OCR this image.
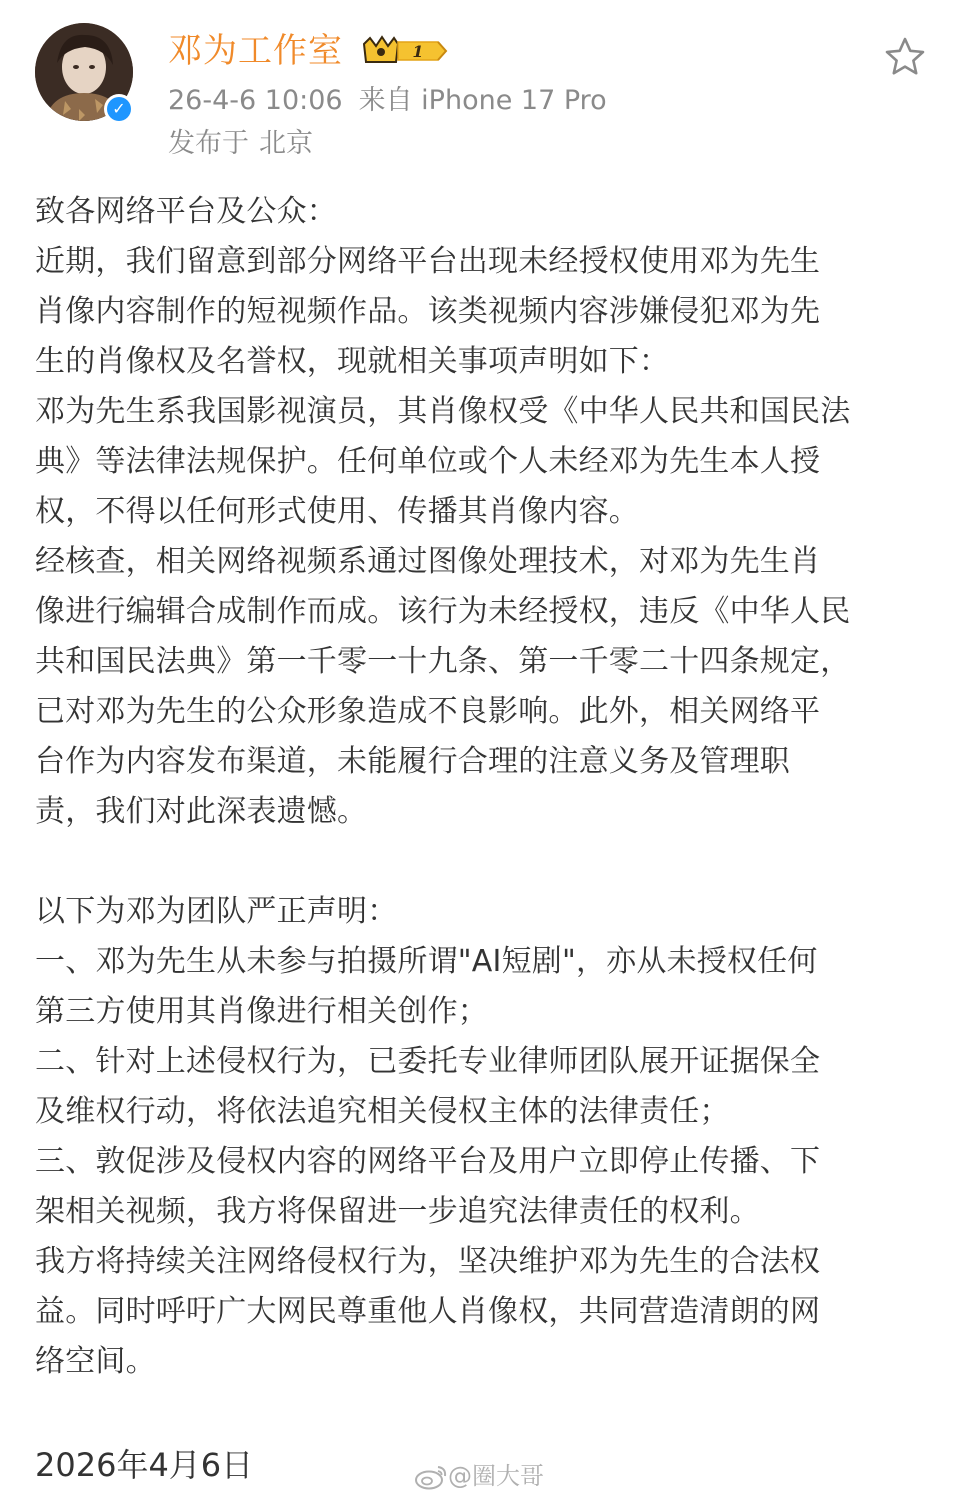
✓
邓为工作室	1
26-4-6 10:06 来自 iPhone 17 Pro
发布于 北京
致各网络平台及公众：
近期，我们留意到部分网络平台出现未经授权使用邓为先生
肖像内容制作的短视频作品。该类视频内容涉嫌侵犯邓为先
生的肖像权及名誉权，现就相关事项声明如下：
邓为先生系我国影视演员，其肖像权受《中华人民共和国民法
典》等法律法规保护。任何单位或个人未经邓为先生本人授
权，不得以任何形式使用、传播其肖像内容。
经核查，相关网络视频系通过图像处理技术，对邓为先生肖
像进行编辑合成制作而成。该行为未经授权，违反《中华人民
共和国民法典》第一千零一十九条、第一千零二十四条规定，
已对邓为先生的公众形象造成不良影响。此外，相关网络平
台作为内容发布渠道，未能履行合理的注意义务及管理职
责，我们对此深表遗憾。
以下为邓为团队严正声明：
一、邓为先生从未参与拍摄所谓"AI短剧"，亦从未授权任何
第三方使用其肖像进行相关创作；
二、针对上述侵权行为，已委托专业律师团队展开证据保全
及维权行动，将依法追究相关侵权主体的法律责任；
三、敦促涉及侵权内容的网络平台及用户立即停止传播、下
架相关视频，我方将保留进一步追究法律责任的权利。
我方将持续关注网络侵权行为，坚决维护邓为先生的合法权
益。同时呼吁广大网民尊重他人肖像权，共同营造清朗的网
络空间。
2026年4月6日	@圈大哥
